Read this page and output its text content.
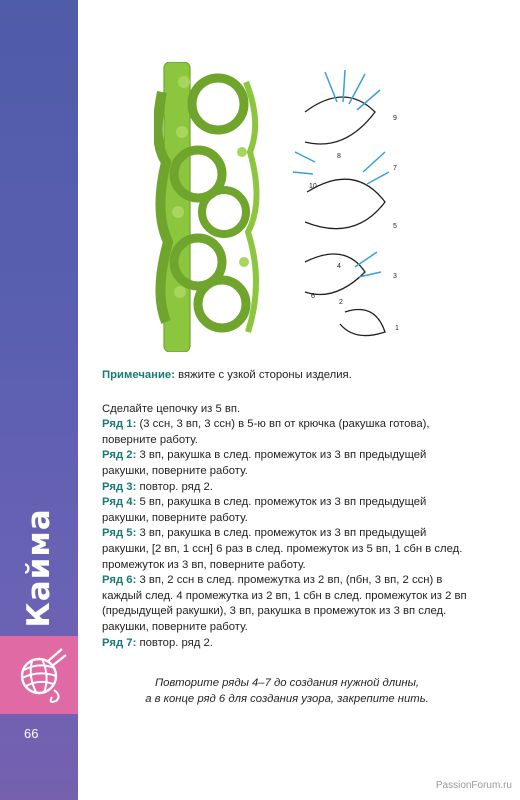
Кайма
66
9
8
7
10
5
6
4
3
2
1

Примечание: вяжите с узкой стороны изделия.

Сделайте цепочку из 5 вп.

Ряд 1: (3 ссн, 3 вп, 3 ссн) в 5-ю вп от крючка (ракушка готова), поверните работу.

Ряд 2: 3 вп, ракушка в след. промежуток из 3 вп предыдущей ракушки, поверните работу.

Ряд 3: повтор. ряд 2.

Ряд 4: 5 вп, ракушка в след. промежуток из 3 вп предыдущей ракушки, поверните работу.

Ряд 5: 3 вп, ракушка в след. промежуток из 3 вп предыдущей ракушки, [2 вп, 1 ссн] 6 раз в след. промежуток из 5 вп, 1 сбн в след. промежуток из 3 вп, поверните работу.

Ряд 6: 3 вп, 2 ссн в след. промежутка из 2 вп, (пбн, 3 вп, 2 ссн) в каждый след. 4 промежутка из 2 вп, 1 сбн в след. промежуток из 2 вп (предыдущей ракушки), 3 вп, ракушка в промежуток из 3 вп след. ракушки, поверните работу.

Ряд 7: повтор. ряд 2.

Повторите ряды 4–7 до создания нужной длины,
а в конце ряд 6 для создания узора, закрепите нить.
PassionForum.ru
